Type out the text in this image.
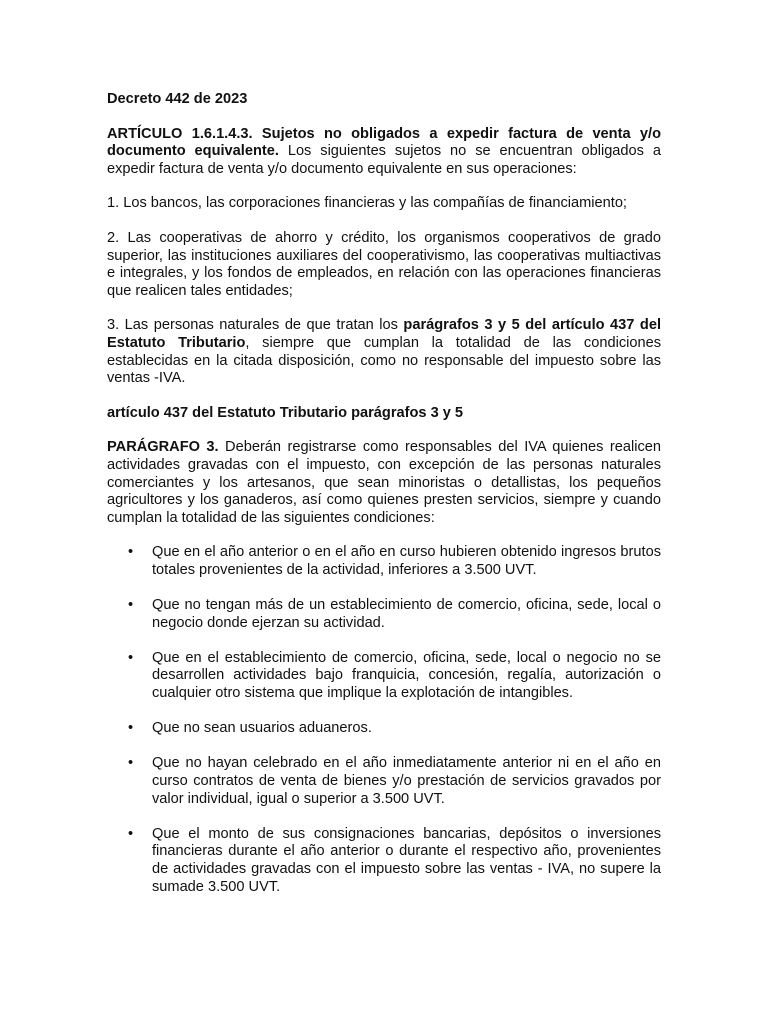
Decreto 442 de 2023

ARTÍCULO 1.6.1.4.3. Sujetos no obligados a expedir factura de venta y/o documento equivalente. Los siguientes sujetos no se encuentran obligados a expedir factura de venta y/o documento equivalente en sus operaciones:

1. Los bancos, las corporaciones financieras y las compañías de financiamiento;

2. Las cooperativas de ahorro y crédito, los organismos cooperativos de grado superior, las instituciones auxiliares del cooperativismo, las cooperativas multiactivas e integrales, y los fondos de empleados, en relación con las operaciones financieras que realicen tales entidades;

3. Las personas naturales de que tratan los parágrafos 3 y 5 del artículo 437 del Estatuto Tributario, siempre que cumplan la totalidad de las condiciones establecidas en la citada disposición, como no responsable del impuesto sobre las ventas -IVA.

artículo 437 del Estatuto Tributario parágrafos 3 y 5

PARÁGRAFO 3. Deberán registrarse como responsables del IVA quienes realicen actividades gravadas con el impuesto, con excepción de las personas naturales comerciantes y los artesanos, que sean minoristas o detallistas, los pequeños agricultores y los ganaderos, así como quienes presten servicios, siempre y cuando cumplan la totalidad de las siguientes condiciones:

• Que en el año anterior o en el año en curso hubieren obtenido ingresos brutos totales provenientes de la actividad, inferiores a 3.500 UVT.
• Que no tengan más de un establecimiento de comercio, oficina, sede, local o negocio donde ejerzan su actividad.
• Que en el establecimiento de comercio, oficina, sede, local o negocio no se desarrollen actividades bajo franquicia, concesión, regalía, autorización o cualquier otro sistema que implique la explotación de intangibles.
• Que no sean usuarios aduaneros.
• Que no hayan celebrado en el año inmediatamente anterior ni en el año en curso contratos de venta de bienes y/o prestación de servicios gravados por valor individual, igual o superior a 3.500 UVT.
• Que el monto de sus consignaciones bancarias, depósitos o inversiones financieras durante el año anterior o durante el respectivo año, provenientes de actividades gravadas con el impuesto sobre las ventas - IVA, no supere la sumade 3.500 UVT.
